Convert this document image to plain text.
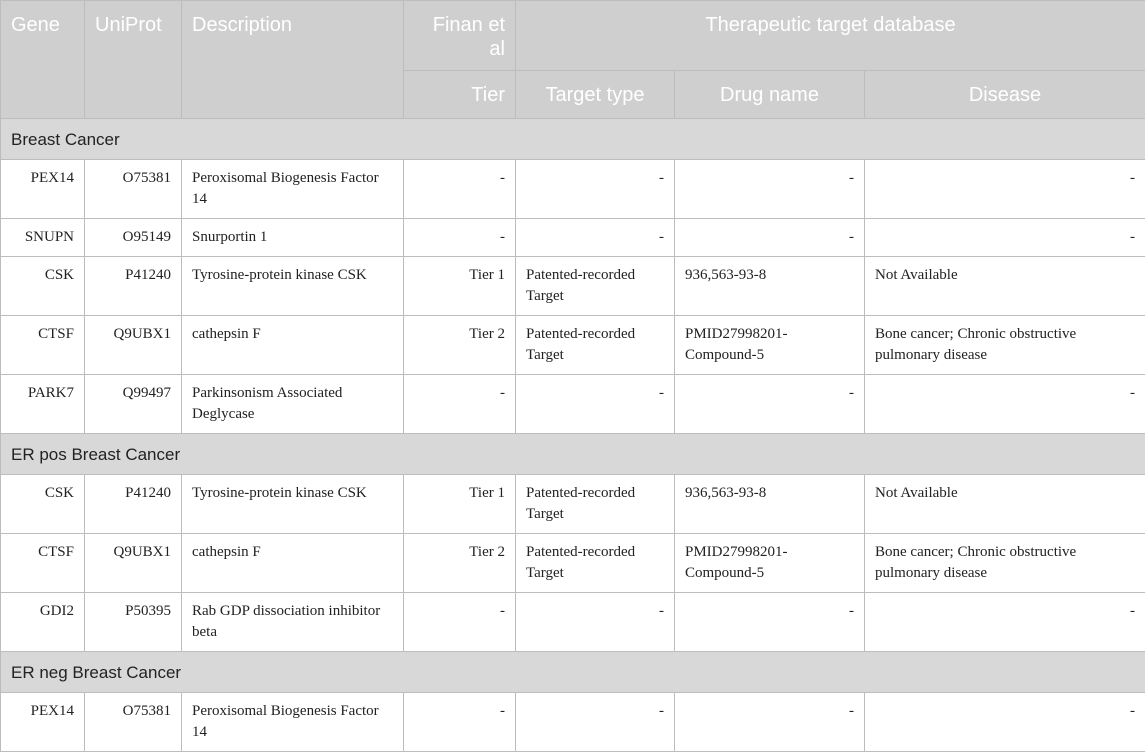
Gene	UniProt	Description	Finan et al	Therapeutic target database		
			Tier	Target type	Drug name	Disease
Breast Cancer						
PEX14	O75381	Peroxisomal Biogenesis Factor 14	-	-	-	-
SNUPN	O95149	Snurportin 1	-	-	-	-
CSK	P41240	Tyrosine-protein kinase CSK	Tier 1	Patented-recorded Target	936,563-93-8	Not Available
CTSF	Q9UBX1	cathepsin F	Tier 2	Patented-recorded Target	PMID27998201-Compound-5	Bone cancer; Chronic obstructive pulmonary disease
PARK7	Q99497	Parkinsonism Associated Deglycase	-	-	-	-
ER pos Breast Cancer						
CSK	P41240	Tyrosine-protein kinase CSK	Tier 1	Patented-recorded Target	936,563-93-8	Not Available
CTSF	Q9UBX1	cathepsin F	Tier 2	Patented-recorded Target	PMID27998201-Compound-5	Bone cancer; Chronic obstructive pulmonary disease
GDI2	P50395	Rab GDP dissociation inhibitor beta	-	-	-	-
ER neg Breast Cancer						
PEX14	O75381	Peroxisomal Biogenesis Factor 14	-	-	-	-
